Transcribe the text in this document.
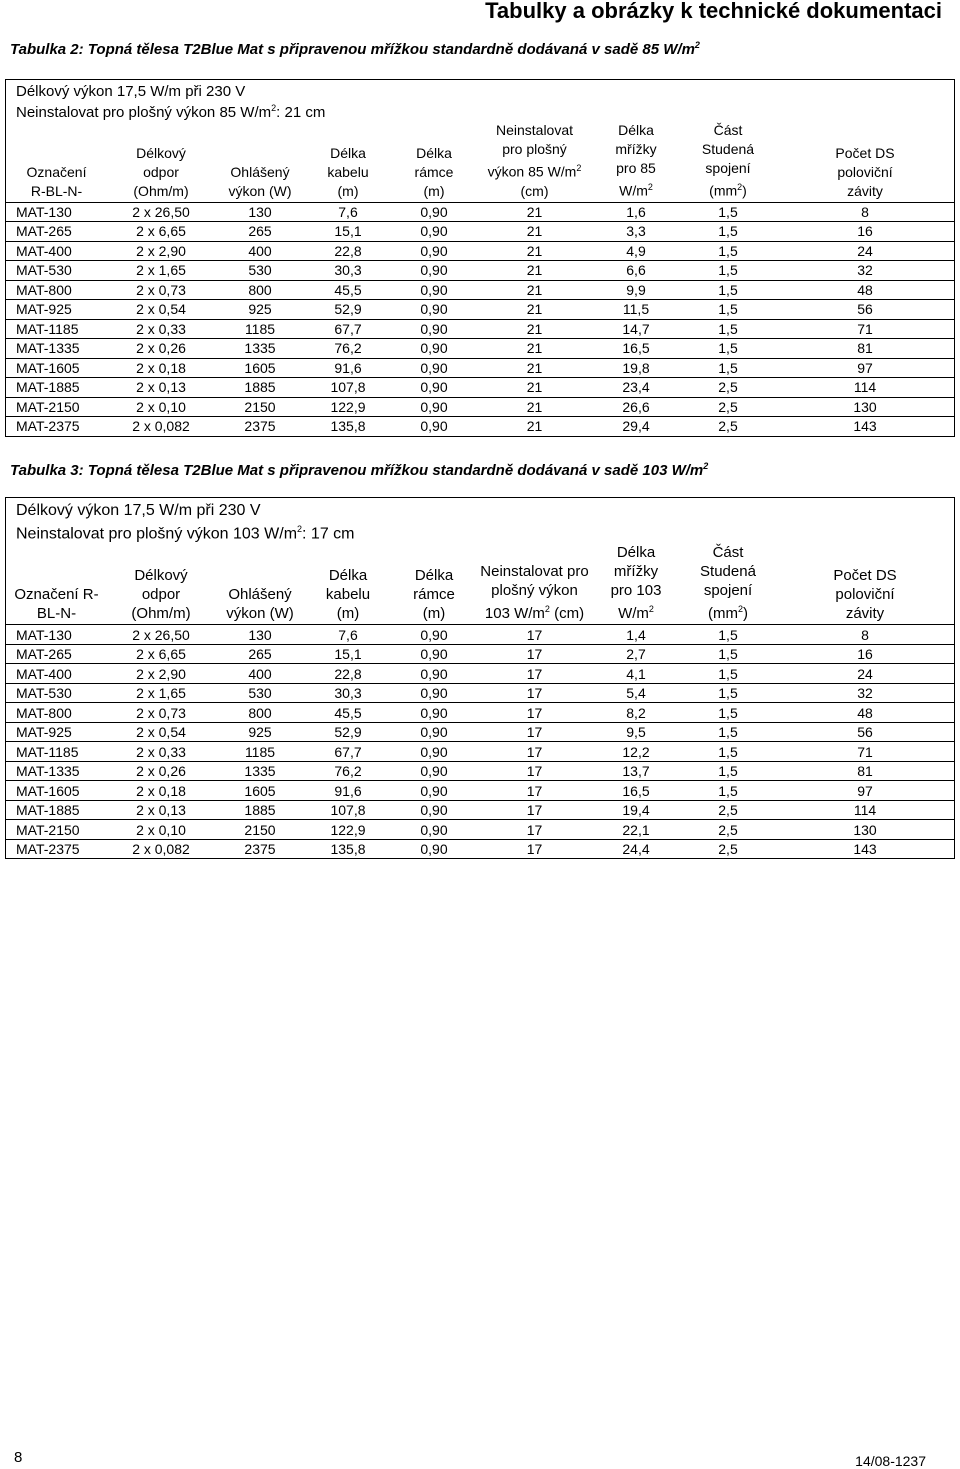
Tabulky a obrázky k technické dokumentaci
Tabulka 2: Topná tělesa T2Blue Mat s připravenou mřížkou standardně dodávaná v sadě 85 $W/m^2$
Délkový výkon 17,5 W/m při 230 V
Neinstalovat pro plošný výkon 85 $W/m^2$: 21 cm
Označení
R-BL-N-	Délkový
odpor
(Ohm/m)	Ohlášený
výkon (W)	Délka
kabelu
(m)	Délka
rámce
(m)	Neinstalovat
pro plošný
výkon 85 $W/m^2$
(cm)	Délka
mřížky
pro 85
$W/m^2$	Část
Studená
spojení
$(mm^2)$	Počet DS
poloviční
závity
MAT-130	2 x 26,50	130	7,6	0,90	21	1,6	1,5	8
MAT-265	2 x 6,65	265	15,1	0,90	21	3,3	1,5	16
MAT-400	2 x 2,90	400	22,8	0,90	21	4,9	1,5	24
MAT-530	2 x 1,65	530	30,3	0,90	21	6,6	1,5	32
MAT-800	2 x 0,73	800	45,5	0,90	21	9,9	1,5	48
MAT-925	2 x 0,54	925	52,9	0,90	21	11,5	1,5	56
MAT-1185	2 x 0,33	1185	67,7	0,90	21	14,7	1,5	71
MAT-1335	2 x 0,26	1335	76,2	0,90	21	16,5	1,5	81
MAT-1605	2 x 0,18	1605	91,6	0,90	21	19,8	1,5	97
MAT-1885	2 x 0,13	1885	107,8	0,90	21	23,4	2,5	114
MAT-2150	2 x 0,10	2150	122,9	0,90	21	26,6	2,5	130
MAT-2375	2 x 0,082	2375	135,8	0,90	21	29,4	2,5	143
Tabulka 3: Topná tělesa T2Blue Mat s připravenou mřížkou standardně dodávaná v sadě 103 $W/m^2$
Délkový výkon 17,5 W/m při 230 V
Neinstalovat pro plošný výkon 103 $W/m^2$: 17 cm
Označení R-
BL-N-	Délkový
odpor
(Ohm/m)	Ohlášený
výkon (W)	Délka
kabelu
(m)	Délka
rámce
(m)	Neinstalovat pro
plošný výkon
103 $W/m^2$ (cm)	Délka
mřížky
pro 103
$W/m^2$	Část
Studená
spojení
$(mm^2)$	Počet DS
poloviční
závity
MAT-130	2 x 26,50	130	7,6	0,90	17	1,4	1,5	8
MAT-265	2 x 6,65	265	15,1	0,90	17	2,7	1,5	16
MAT-400	2 x 2,90	400	22,8	0,90	17	4,1	1,5	24
MAT-530	2 x 1,65	530	30,3	0,90	17	5,4	1,5	32
MAT-800	2 x 0,73	800	45,5	0,90	17	8,2	1,5	48
MAT-925	2 x 0,54	925	52,9	0,90	17	9,5	1,5	56
MAT-1185	2 x 0,33	1185	67,7	0,90	17	12,2	1,5	71
MAT-1335	2 x 0,26	1335	76,2	0,90	17	13,7	1,5	81
MAT-1605	2 x 0,18	1605	91,6	0,90	17	16,5	1,5	97
MAT-1885	2 x 0,13	1885	107,8	0,90	17	19,4	2,5	114
MAT-2150	2 x 0,10	2150	122,9	0,90	17	22,1	2,5	130
MAT-2375	2 x 0,082	2375	135,8	0,90	17	24,4	2,5	143
8	14/08-1237
